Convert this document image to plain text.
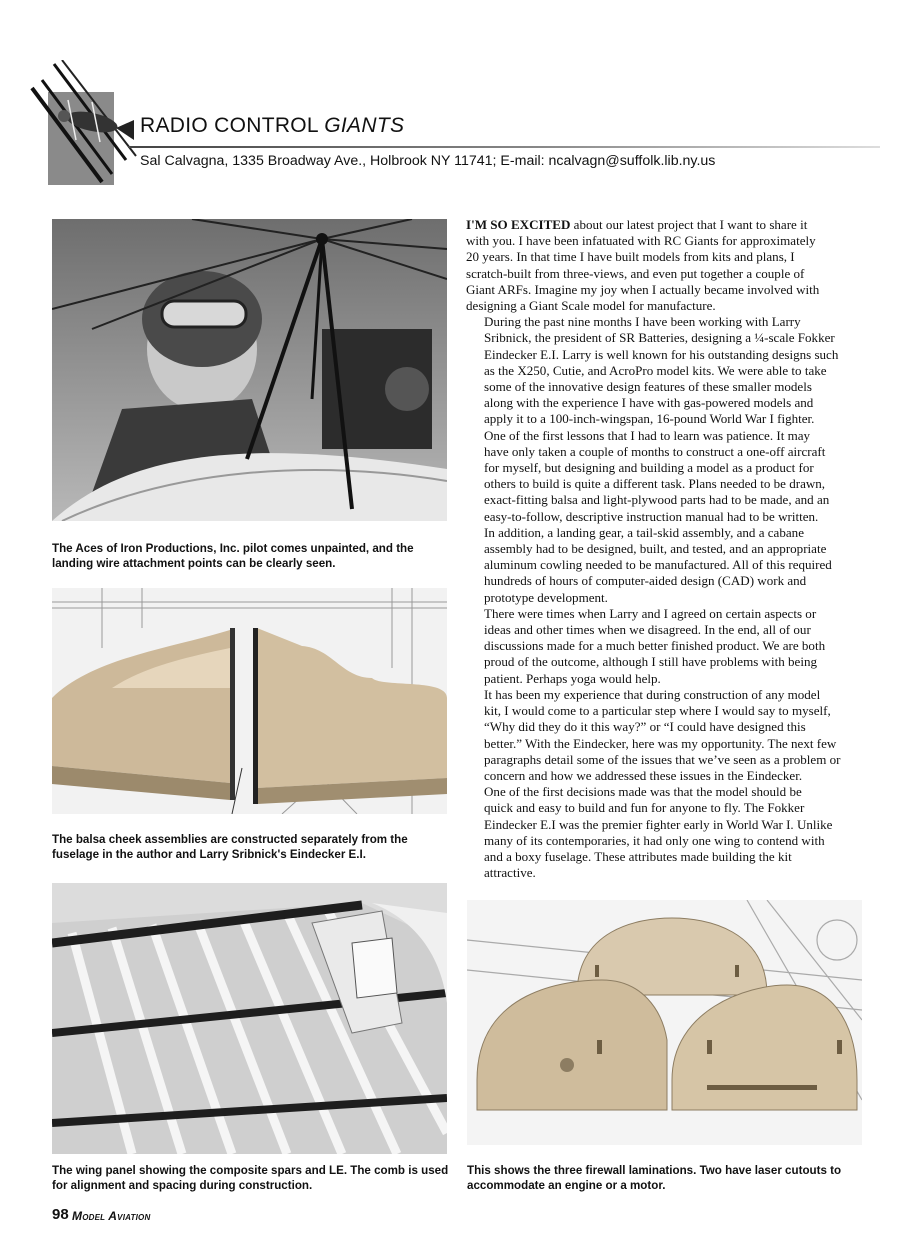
RADIO CONTROL GIANTS
Sal Calvagna, 1335 Broadway Ave., Holbrook NY 11741; E-mail: ncalvagn@suffolk.lib.ny.us
The Aces of Iron Productions, Inc. pilot comes unpainted, and the landing wire attachment points can be clearly seen.
The balsa cheek assemblies are constructed separately from the fuselage in the author and Larry Sribnick's Eindecker E.I.
The wing panel showing the composite spars and LE. The comb is used for alignment and spacing during construction.
This shows the three firewall laminations. Two have laser cutouts to accommodate an engine or a motor.

I'M SO EXCITED about our latest project that I want to share it
with you. I have been infatuated with RC Giants for approximately
20 years. In that time I have built models from kits and plans, I
scratch-built from three-views, and even put together a couple of
Giant ARFs. Imagine my joy when I actually became involved with
designing a Giant Scale model for manufacture.

During the past nine months I have been working with Larry
Sribnick, the president of SR Batteries, designing a ¼-scale Fokker
Eindecker E.I. Larry is well known for his outstanding designs such
as the X250, Cutie, and AcroPro model kits. We were able to take
some of the innovative design features of these smaller models
along with the experience I have with gas-powered models and
apply it to a 100-inch-wingspan, 16-pound World War I fighter.

One of the first lessons that I had to learn was patience. It may
have only taken a couple of months to construct a one-off aircraft
for myself, but designing and building a model as a product for
others to build is quite a different task. Plans needed to be drawn,
exact-fitting balsa and light-plywood parts had to be made, and an
easy-to-follow, descriptive instruction manual had to be written.

In addition, a landing gear, a tail-skid assembly, and a cabane
assembly had to be designed, built, and tested, and an appropriate
aluminum cowling needed to be manufactured. All of this required
hundreds of hours of computer-aided design (CAD) work and
prototype development.

There were times when Larry and I agreed on certain aspects or
ideas and other times when we disagreed. In the end, all of our
discussions made for a much better finished product. We are both
proud of the outcome, although I still have problems with being
patient. Perhaps yoga would help.

It has been my experience that during construction of any model
kit, I would come to a particular step where I would say to myself,
“Why did they do it this way?” or “I could have designed this
better.” With the Eindecker, here was my opportunity. The next few
paragraphs detail some of the issues that we’ve seen as a problem or
concern and how we addressed these issues in the Eindecker.

One of the first decisions made was that the model should be
quick and easy to build and fun for anyone to fly. The Fokker
Eindecker E.I was the premier fighter early in World War I. Unlike
many of its contemporaries, it had only one wing to contend with
and a boxy fuselage. These attributes made building the kit
attractive.

98 Model Aviation
